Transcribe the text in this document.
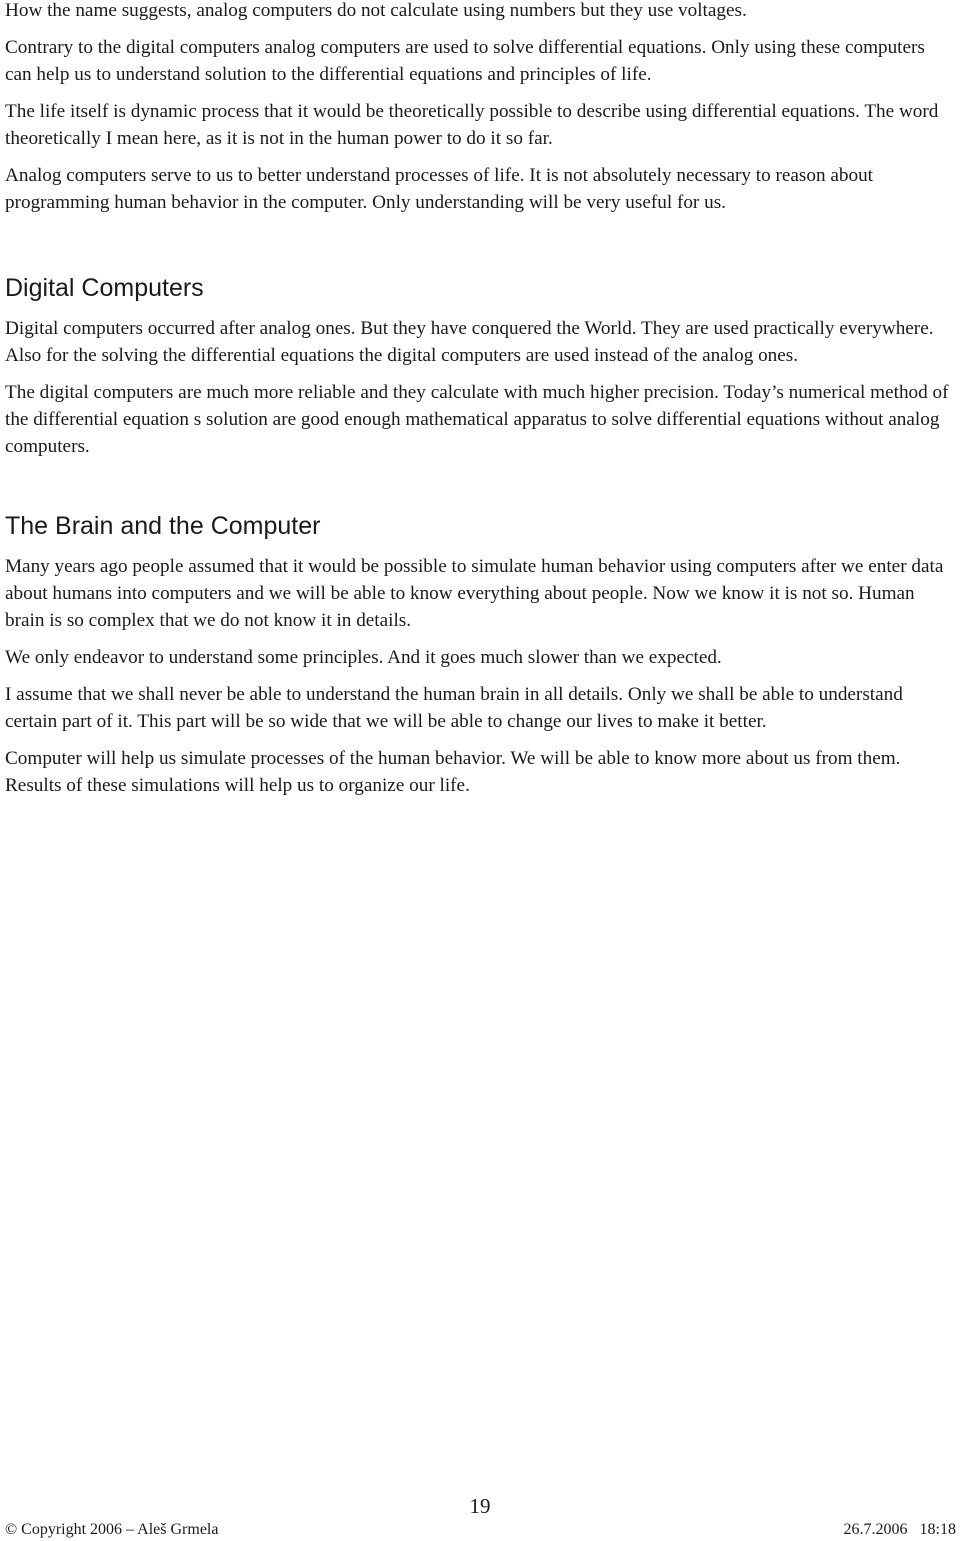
How the name suggests, analog computers do not calculate using numbers but they use voltages.

Contrary to the digital computers analog computers are used to solve differential equations. Only using these computers can help us to understand solution to the differential equations and principles of life.

The life itself is dynamic process that it would be theoretically possible to describe using differential equations. The word theoretically I mean here, as it is not in the human power to do it so far.

Analog computers serve to us to better understand processes of life. It is not absolutely necessary to reason about programming human behavior in the computer. Only understanding will be very useful for us.

Digital Computers

Digital computers occurred after analog ones. But they have conquered the World. They are used practically everywhere. Also for the solving the differential equations the digital computers are used instead of the analog ones.

The digital computers are much more reliable and they calculate with much higher precision. Today’s numerical method of the differential equation s solution are good enough mathematical apparatus to solve differential equations without analog computers.

The Brain and the Computer

Many years ago people assumed that it would be possible to simulate human behavior using computers after we enter data about humans into computers and we will be able to know everything about people. Now we know it is not so. Human brain is so complex that we do not know it in details.

We only endeavor to understand some principles. And it goes much slower than we expected.

I assume that we shall never be able to understand the human brain in all details. Only we shall be able to understand certain part of it. This part will be so wide that we will be able to change our lives to make it better.

Computer will help us simulate processes of the human behavior. We will be able to know more about us from them. Results of these simulations will help us to organize our life.

19
© Copyright 2006 – Aleš Grmela	26.7.2006 18:18
